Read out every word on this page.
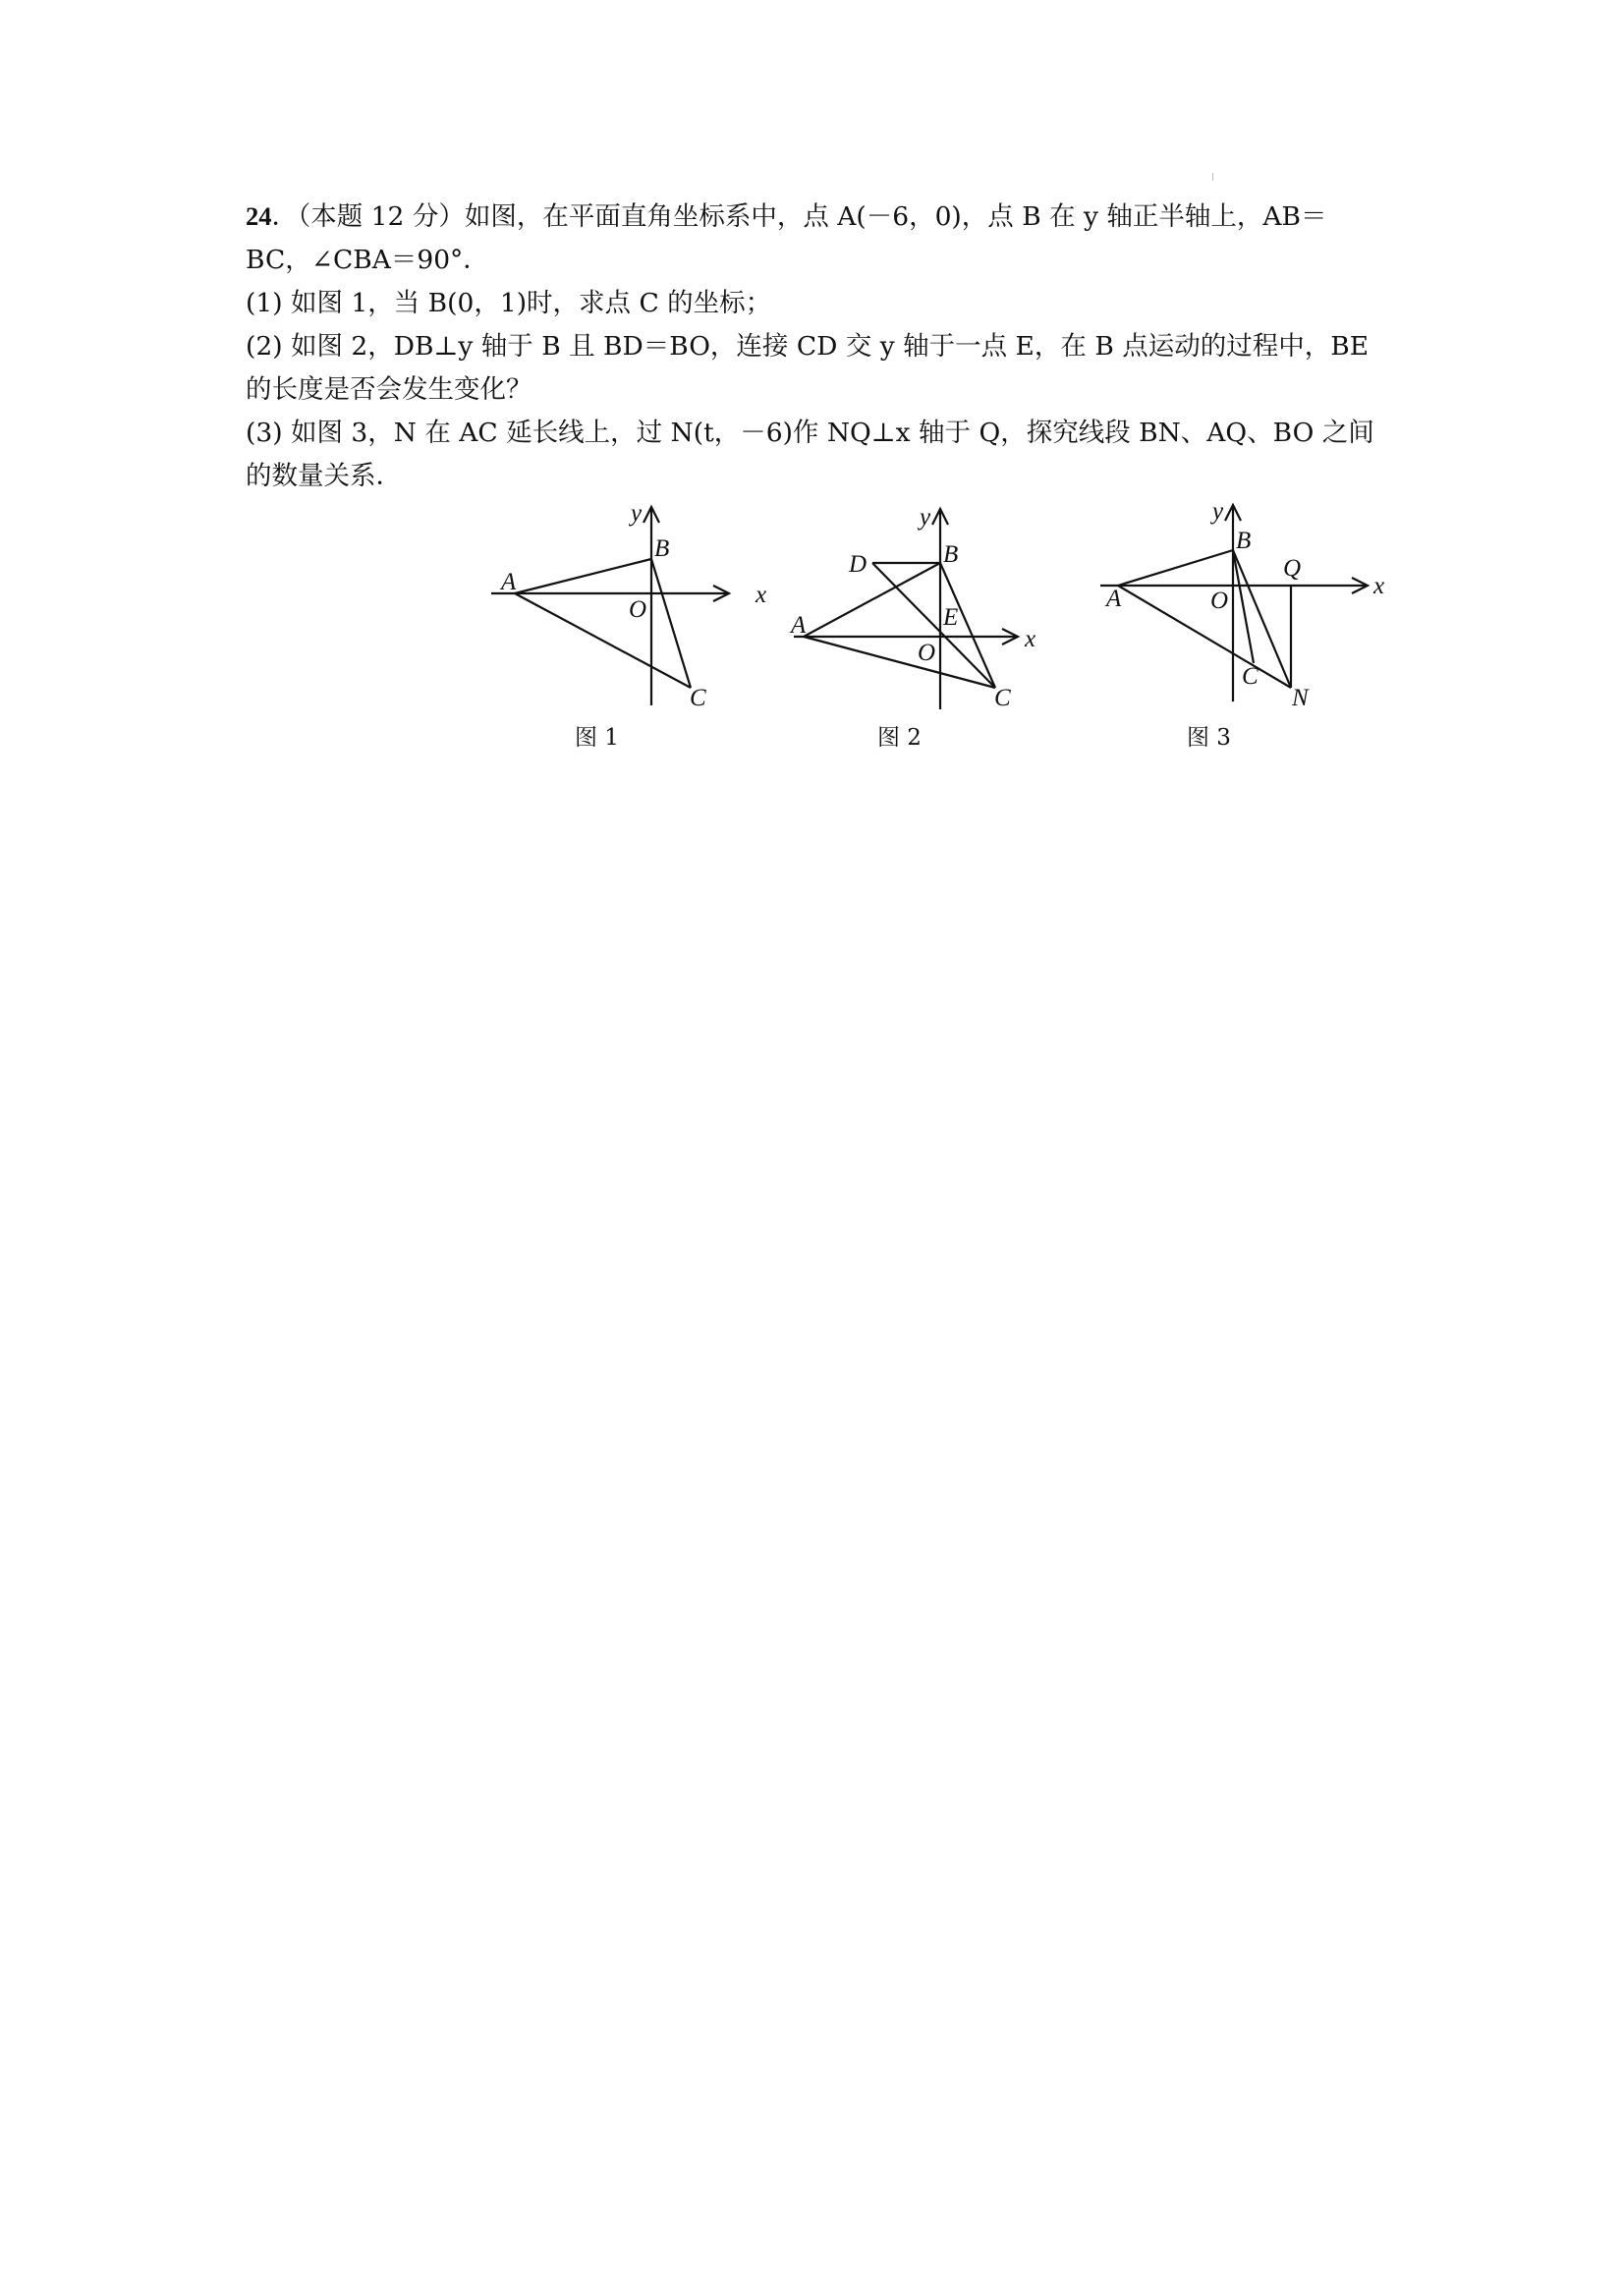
24．（本题 12 分）如图，在平面直角坐标系中，点 A(－6，0)，点 B 在 y 轴正半轴上，AB＝BC，∠CBA＝90°．

(1) 如图 1，当 B(0，1)时，求点 C 的坐标；

(2) 如图 2，DB⊥y 轴于 B 且 BD＝BO，连接 CD 交 y 轴于一点 E，在 B 点运动的过程中，BE 的长度是否会发生变化？

(3) 如图 3，N 在 AC 延长线上，过 N(t，－6)作 NQ⊥x 轴于 Q，探究线段 BN、AQ、BO 之间的数量关系．

x
y
A
B
O
C
图 1
x
y
A
B
D
E
O
C
图 2
x
y
A
B
Q
O
C
N
图 3
